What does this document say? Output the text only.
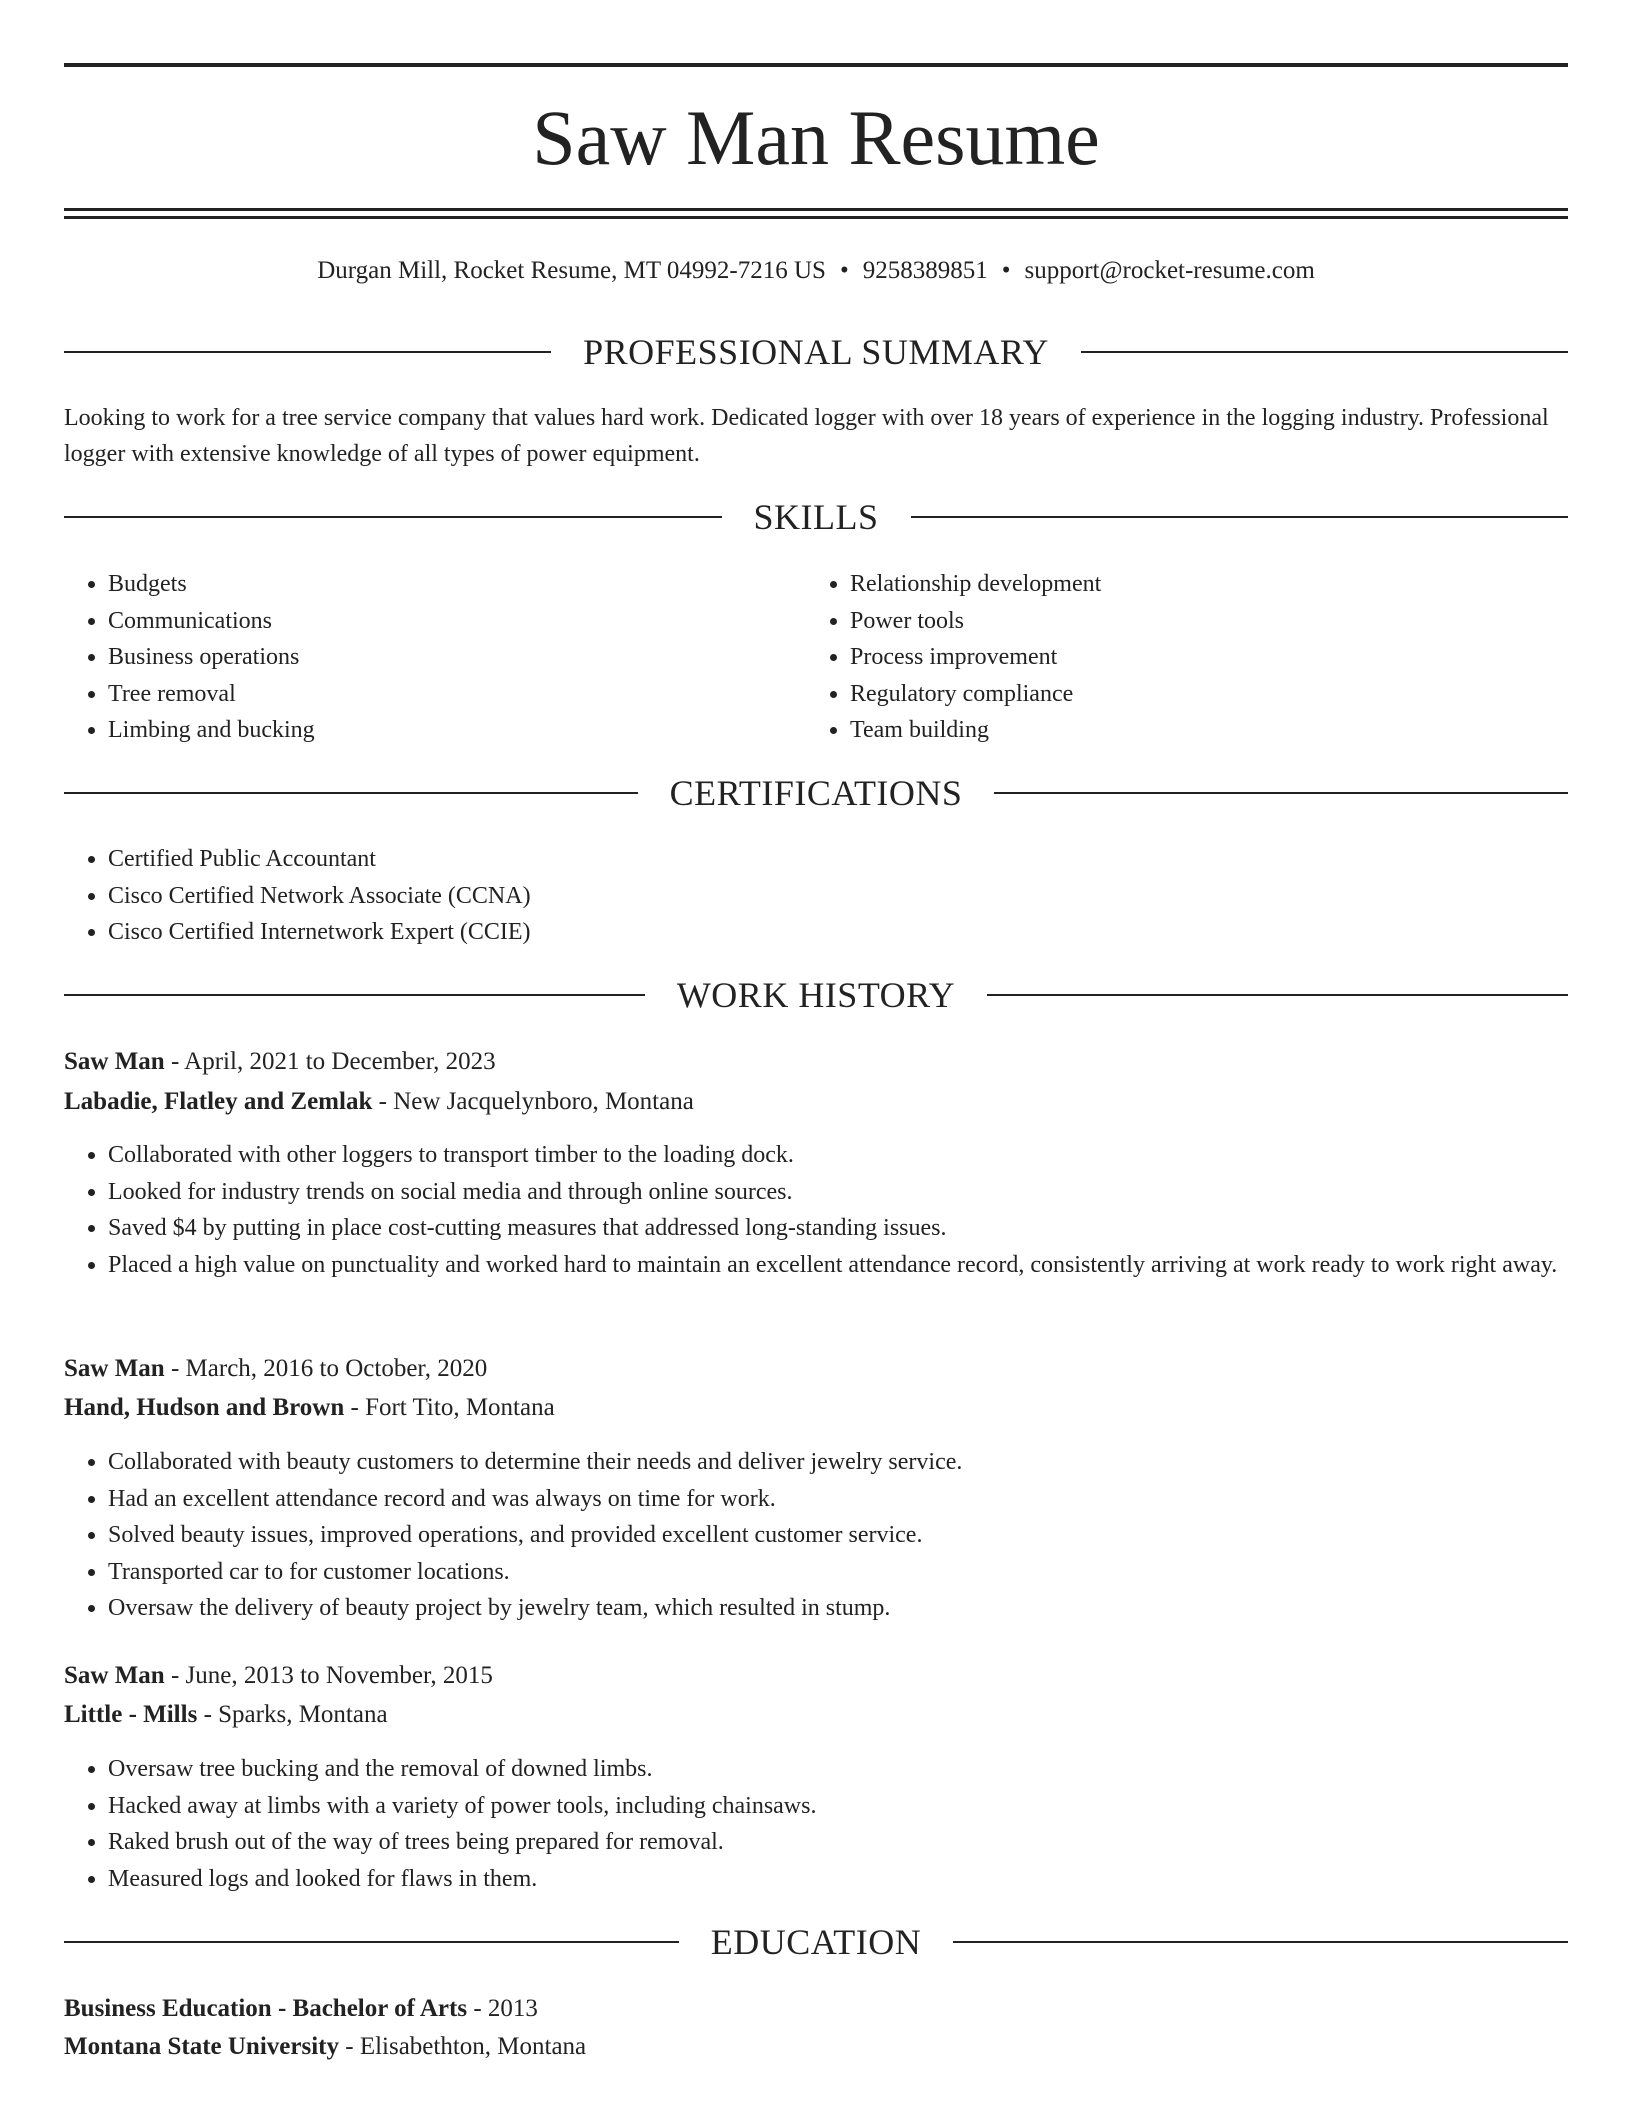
Saw Man Resume
Durgan Mill, Rocket Resume, MT 04992-7216 US • 9258389851 • support@rocket-resume.com
PROFESSIONAL SUMMARY
Looking to work for a tree service company that values hard work. Dedicated logger with over 18 years of experience in the logging industry. Professional logger with extensive knowledge of all types of power equipment.
SKILLS
• Budgets
• Communications
• Business operations
• Tree removal
• Limbing and bucking
• Relationship development
• Power tools
• Process improvement
• Regulatory compliance
• Team building
CERTIFICATIONS
• Certified Public Accountant
• Cisco Certified Network Associate (CCNA)
• Cisco Certified Internetwork Expert (CCIE)
WORK HISTORY
Saw Man - April, 2021 to December, 2023
Labadie, Flatley and Zemlak - New Jacquelynboro, Montana
• Collaborated with other loggers to transport timber to the loading dock.
• Looked for industry trends on social media and through online sources.
• Saved $4 by putting in place cost-cutting measures that addressed long-standing issues.
• Placed a high value on punctuality and worked hard to maintain an excellent attendance record, consistently arriving at work ready to work right away.
Saw Man - March, 2016 to October, 2020
Hand, Hudson and Brown - Fort Tito, Montana
• Collaborated with beauty customers to determine their needs and deliver jewelry service.
• Had an excellent attendance record and was always on time for work.
• Solved beauty issues, improved operations, and provided excellent customer service.
• Transported car to for customer locations.
• Oversaw the delivery of beauty project by jewelry team, which resulted in stump.
Saw Man - June, 2013 to November, 2015
Little - Mills - Sparks, Montana
• Oversaw tree bucking and the removal of downed limbs.
• Hacked away at limbs with a variety of power tools, including chainsaws.
• Raked brush out of the way of trees being prepared for removal.
• Measured logs and looked for flaws in them.
EDUCATION
Business Education - Bachelor of Arts - 2013
Montana State University - Elisabethton, Montana
